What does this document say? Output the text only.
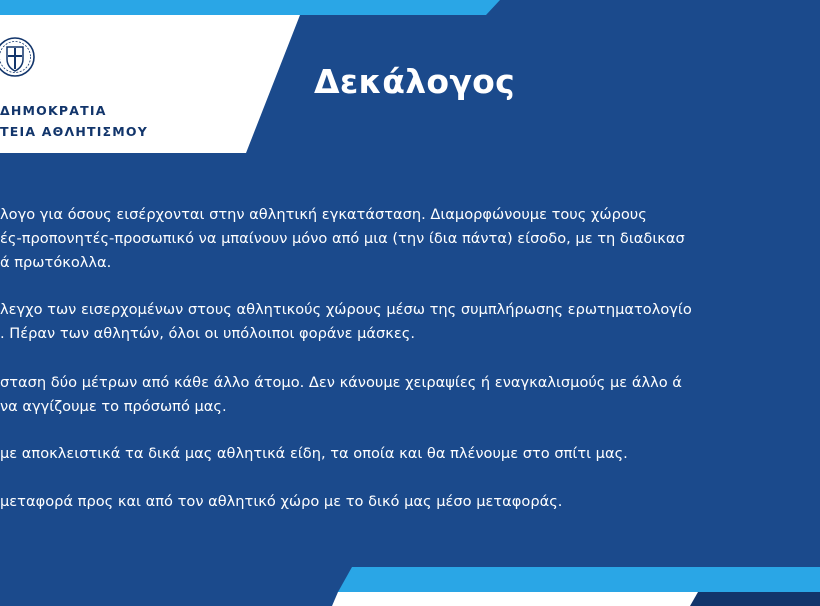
ΔΗΜΟΚΡΑΤΙΑ
ΤΕΙΑ ΑΘΛΗΤΙΣΜΟΥ
Δεκάλογος
λογο για όσους εισέρχονται στην αθλητική εγκατάσταση. Διαμορφώνουμε τους χώρους
ές-προπονητές-προσωπικό να μπαίνουν μόνο από μια (την ίδια πάντα) είσοδο, με τη διαδικασ
ά πρωτόκολλα.
λεγχο των εισερχομένων στους αθλητικούς χώρους μέσω της συμπλήρωσης ερωτηματολογίο
. Πέραν των αθλητών, όλοι οι υπόλοιποι φοράνε μάσκες.
σταση δύο μέτρων από κάθε άλλο άτομο. Δεν κάνουμε χειραψίες ή εναγκαλισμούς με άλλο ά
να αγγίζουμε το πρόσωπό μας.
με αποκλειστικά τα δικά μας αθλητικά είδη, τα οποία και θα πλένουμε στο σπίτι μας.
μεταφορά προς και από τον αθλητικό χώρο με το δικό μας μέσο μεταφοράς.
